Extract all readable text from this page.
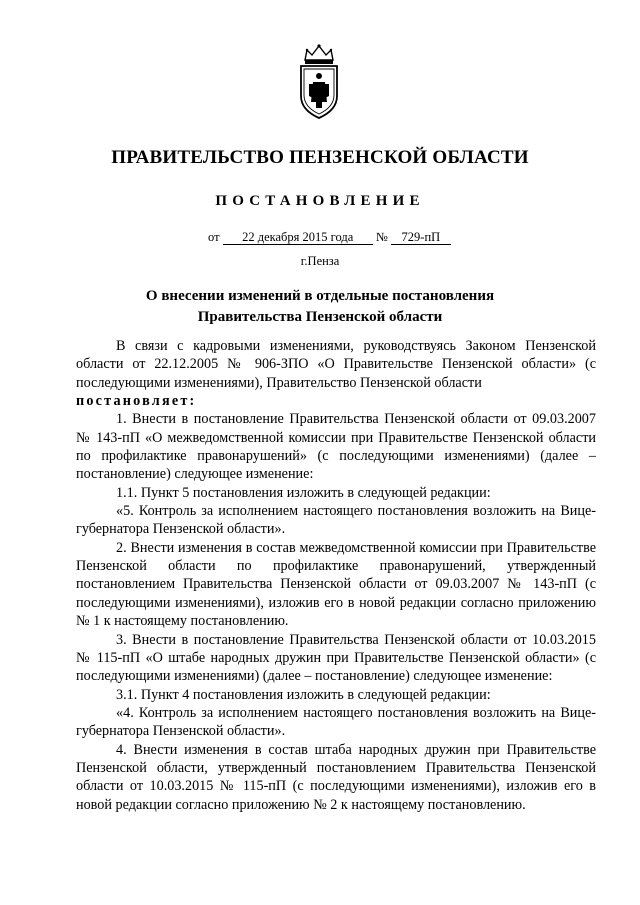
ПРАВИТЕЛЬСТВО ПЕНЗЕНСКОЙ ОБЛАСТИ
ПОСТАНОВЛЕНИЕ
от 22 декабря 2015 года № 729-пП
г.Пенза
О внесении изменений в отдельные постановления
Правительства Пензенской области

В связи с кадровыми изменениями, руководствуясь Законом Пензенской области от 22.12.2005 № 906-ЗПО «О Правительстве Пензенской области» (с последующими изменениями), Правительство Пензенской области
постановляет:

1. Внести в постановление Правительства Пензенской области от 09.03.2007 № 143-пП «О межведомственной комиссии при Правительстве Пензенской области по профилактике правонарушений» (с последующими изменениями) (далее – постановление) следующее изменение:

1.1. Пункт 5 постановления изложить в следующей редакции:

«5. Контроль за исполнением настоящего постановления возложить на Вице-губернатора Пензенской области».

2. Внести изменения в состав межведомственной комиссии при Правительстве Пензенской области по профилактике правонарушений, утвержденный постановлением Правительства Пензенской области от 09.03.2007 № 143-пП (с последующими изменениями), изложив его в новой редакции согласно приложению № 1 к настоящему постановлению.

3. Внести в постановление Правительства Пензенской области от 10.03.2015 № 115-пП «О штабе народных дружин при Правительстве Пензенской области» (с последующими изменениями) (далее – постановление) следующее изменение:

3.1. Пункт 4 постановления изложить в следующей редакции:

«4. Контроль за исполнением настоящего постановления возложить на Вице-губернатора Пензенской области».

4. Внести изменения в состав штаба народных дружин при Правительстве Пензенской области, утвержденный постановлением Правительства Пензенской области от 10.03.2015 № 115-пП (с последующими изменениями), изложив его в новой редакции согласно приложению № 2 к настоящему постановлению.
